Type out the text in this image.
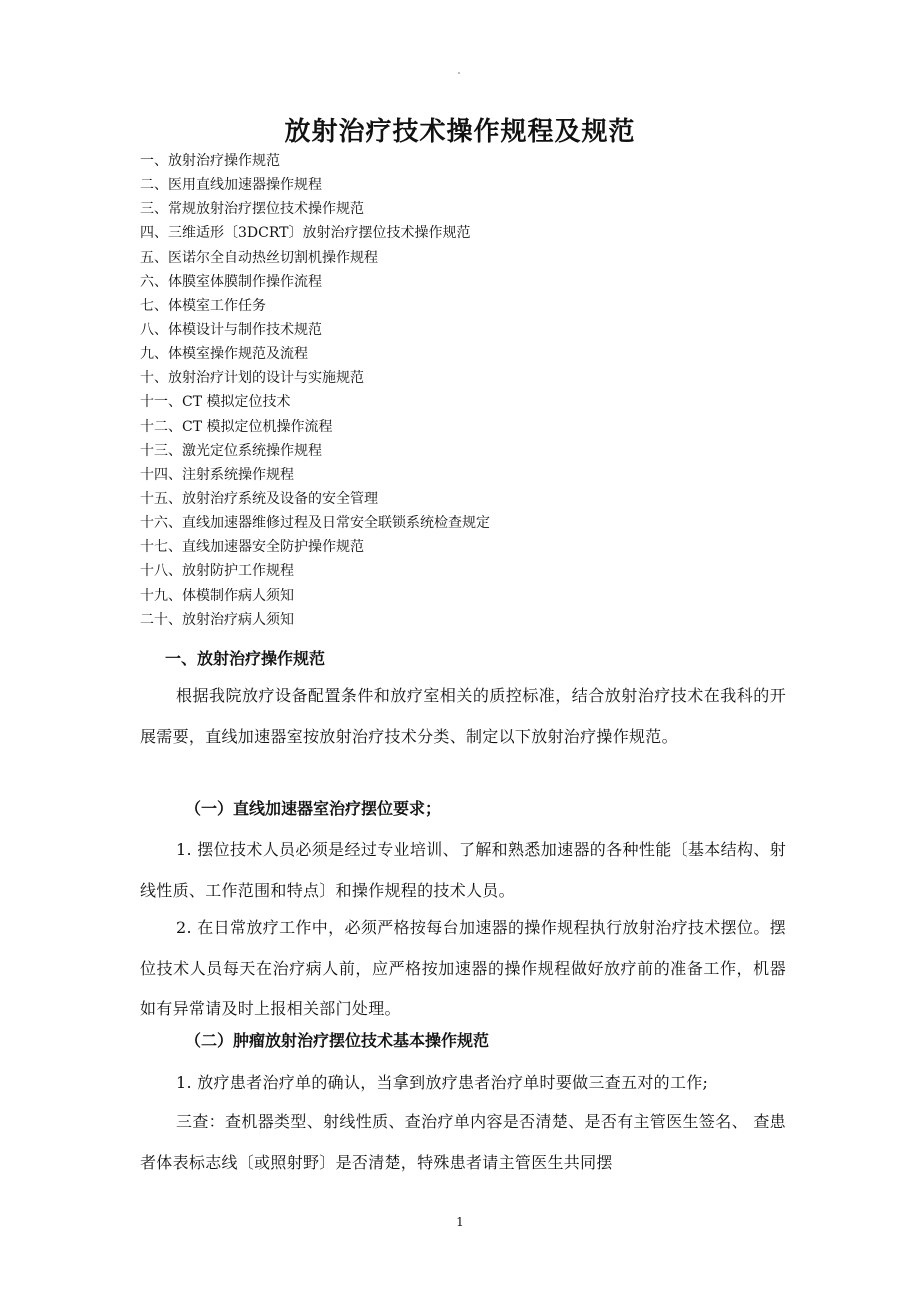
放射治疗技术操作规程及规范
一、放射治疗操作规范
二、医用直线加速器操作规程
三、常规放射治疗摆位技术操作规范
四、三维适形〔3DCRT〕放射治疗摆位技术操作规范
五、医诺尔全自动热丝切割机操作规程
六、体膜室体膜制作操作流程
七、体模室工作任务
八、体模设计与制作技术规范
九、体模室操作规范及流程
十、放射治疗计划的设计与实施规范
十一、CT 模拟定位技术
十二、CT 模拟定位机操作流程
十三、激光定位系统操作规程
十四、注射系统操作规程
十五、放射治疗系统及设备的安全管理
十六、直线加速器维修过程及日常安全联锁系统检查规定
十七、直线加速器安全防护操作规范
十八、放射防护工作规程
十九、体模制作病人须知
二十、放射治疗病人须知
一、放射治疗操作规范

根据我院放疗设备配置条件和放疗室相关的质控标准，结合放射治疗技术在我科的开展需要，直线加速器室按放射治疗技术分类、制定以下放射治疗操作规范。

（一）直线加速器室治疗摆位要求；

1. 摆位技术人员必须是经过专业培训、了解和熟悉加速器的各种性能〔基本结构、射线性质、工作范围和特点〕和操作规程的技术人员。

2. 在日常放疗工作中，必须严格按每台加速器的操作规程执行放射治疗技术摆位。摆位技术人员每天在治疗病人前，应严格按加速器的操作规程做好放疗前的准备工作，机器如有异常请及时上报相关部门处理。

（二）肿瘤放射治疗摆位技术基本操作规范

1. 放疗患者治疗单的确认，当拿到放疗患者治疗单时要做三查五对的工作;

三查：查机器类型、射线性质、查治疗单内容是否清楚、是否有主管医生签名、 查患者体表标志线〔或照射野〕是否清楚，特殊患者请主管医生共同摆

1
